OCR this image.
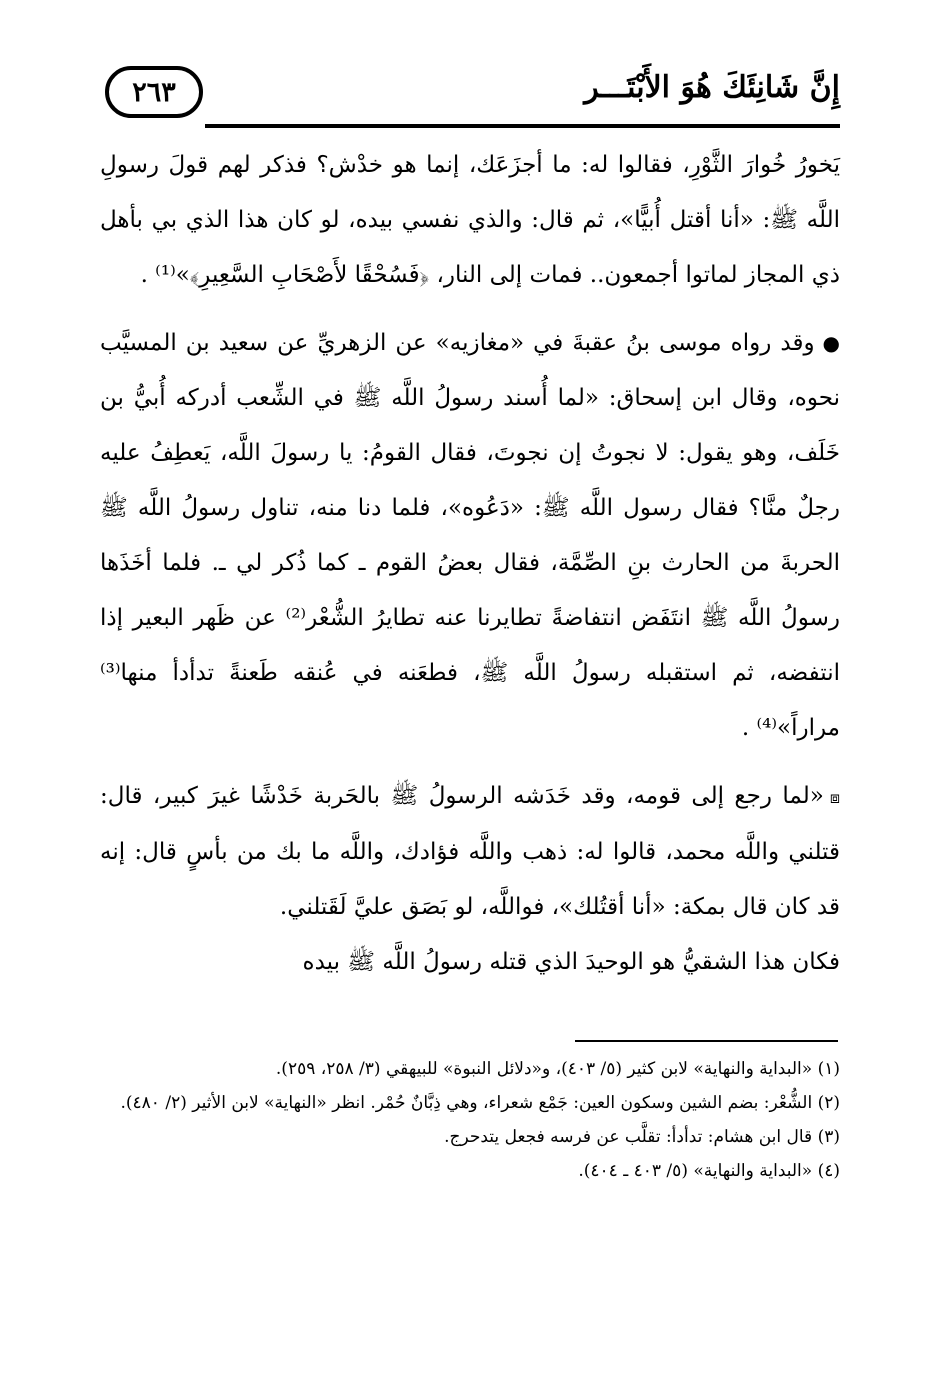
إِنَّ شَانِئَكَ هُوَ الأَبْتَـــر
٢٦٣

يَخورُ خُوارَ الثَّوْرِ، فقالوا له: ما أجزَعَك، إنما هو خدْش؟ فذكر لهم قولَ رسولِ اللَّه ﷺ: «أنا أقتل أُبيًّا»، ثم قال: والذي نفسي بيده، لو كان هذا الذي بي بأهل ذي المجاز لماتوا أجمعون.. فمات إلى النار، ﴿فَسُحْقًا لأَصْحَابِ السَّعِيرِ﴾»⁽¹⁾ .

●وقد رواه موسى بنُ عقبةَ في «مغازيه» عن الزهريِّ عن سعيد بن المسيَّب نحوه، وقال ابن إسحاق: «لما أُسند رسولُ اللَّه ﷺ في الشِّعب أدركه أُبيُّ بن خَلَف، وهو يقول: لا نجوتُ إن نجوتَ، فقال القومُ: يا رسولَ اللَّه، يَعطِفُ عليه رجلٌ منَّا؟ فقال رسول اللَّه ﷺ: «دَعُوه»، فلما دنا منه، تناول رسولُ اللَّه ﷺ الحربةَ من الحارث بنِ الصِّمَّة، فقال بعضُ القوم ـ كما ذُكر لي ـ. فلما أخَذَها رسولُ اللَّه ﷺ انتَفَض انتفاضةً تطايرنا عنه تطايرُ الشُّعْر⁽²⁾ عن ظَهر البعير إذا انتفضه، ثم استقبله رسولُ اللَّه ﷺ، فطعَنه في عُنقه طَعنةً تدأدأ منها⁽³⁾ مراراً»⁽⁴⁾ .

⧈«لما رجع إلى قومه، وقد خَدَشه الرسولُ ﷺ بالحَربة خَدْشًا غيرَ كبير، قال: قتلني واللَّه محمد، قالوا له: ذهب واللَّه فؤادك، واللَّه ما بك من بأسٍ قال: إنه قد كان قال بمكة: «أنا أقتُلك»، فواللَّه، لو بَصَق عليَّ لَقَتلني.

فكان هذا الشقيُّ هو الوحيدَ الذي قتله رسولُ اللَّه ﷺ بيده

(١) «البداية والنهاية» لابن كثير (٥/ ٤٠٣)، و«دلائل النبوة» للبيهقي (٣/ ٢٥٨، ٢٥٩).

(٢) الشُّعْر: بضم الشين وسكون العين: جَمْع شعراء، وهي ذِبَّانٌ حُمْر. انظر «النهاية» لابن الأثير (٢/ ٤٨٠).

(٣) قال ابن هشام: تدأدأ: تقلَّب عن فرسه فجعل يتدحرج.

(٤) «البداية والنهاية» (٥/ ٤٠٣ ـ ٤٠٤).
